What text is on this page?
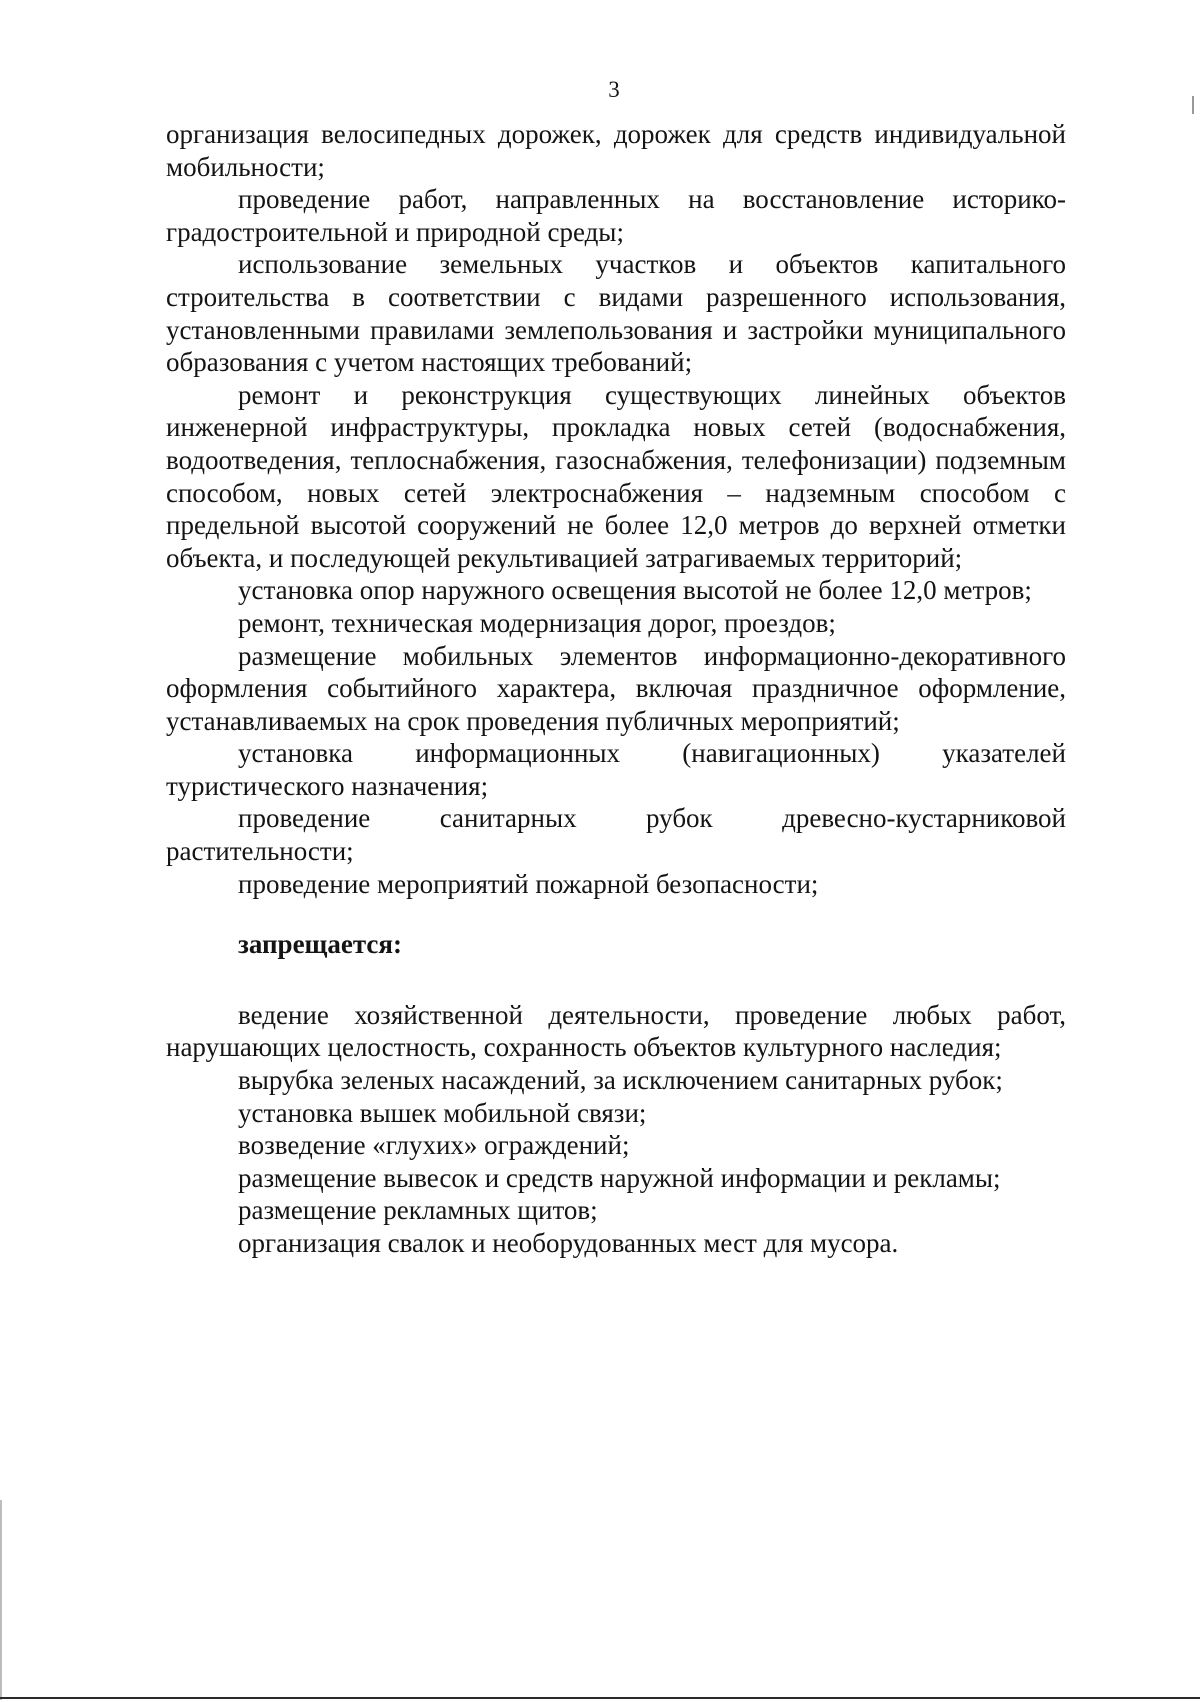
3

организация велосипедных дорожек, дорожек для средств индивидуальной мобильности;

проведение работ, направленных на восстановление историко-градостроительной и природной среды;

использование земельных участков и объектов капитального строительства в соответствии с видами разрешенного использования, установленными правилами землепользования и застройки муниципального образования с учетом настоящих требований;

ремонт и реконструкция существующих линейных объектов инженерной инфраструктуры, прокладка новых сетей (водоснабжения, водоотведения, теплоснабжения, газоснабжения, телефонизации) подземным способом, новых сетей электроснабжения – надземным способом с предельной высотой сооружений не более 12,0 метров до верхней отметки объекта, и последующей рекультивацией затрагиваемых территорий;

установка опор наружного освещения высотой не более 12,0 метров;

ремонт, техническая модернизация дорог, проездов;

размещение мобильных элементов информационно-декоративного оформления событийного характера, включая праздничное оформление, устанавливаемых на срок проведения публичных мероприятий;

установка информационных (навигационных) указателей туристического назначения;

проведение санитарных рубок древесно-кустарниковой растительности;

проведение мероприятий пожарной безопасности;

запрещается:

ведение хозяйственной деятельности, проведение любых работ, нарушающих целостность, сохранность объектов культурного наследия;

вырубка зеленых насаждений, за исключением санитарных рубок;

установка вышек мобильной связи;

возведение «глухих» ограждений;

размещение вывесок и средств наружной информации и рекламы;

размещение рекламных щитов;

организация свалок и необорудованных мест для мусора.
